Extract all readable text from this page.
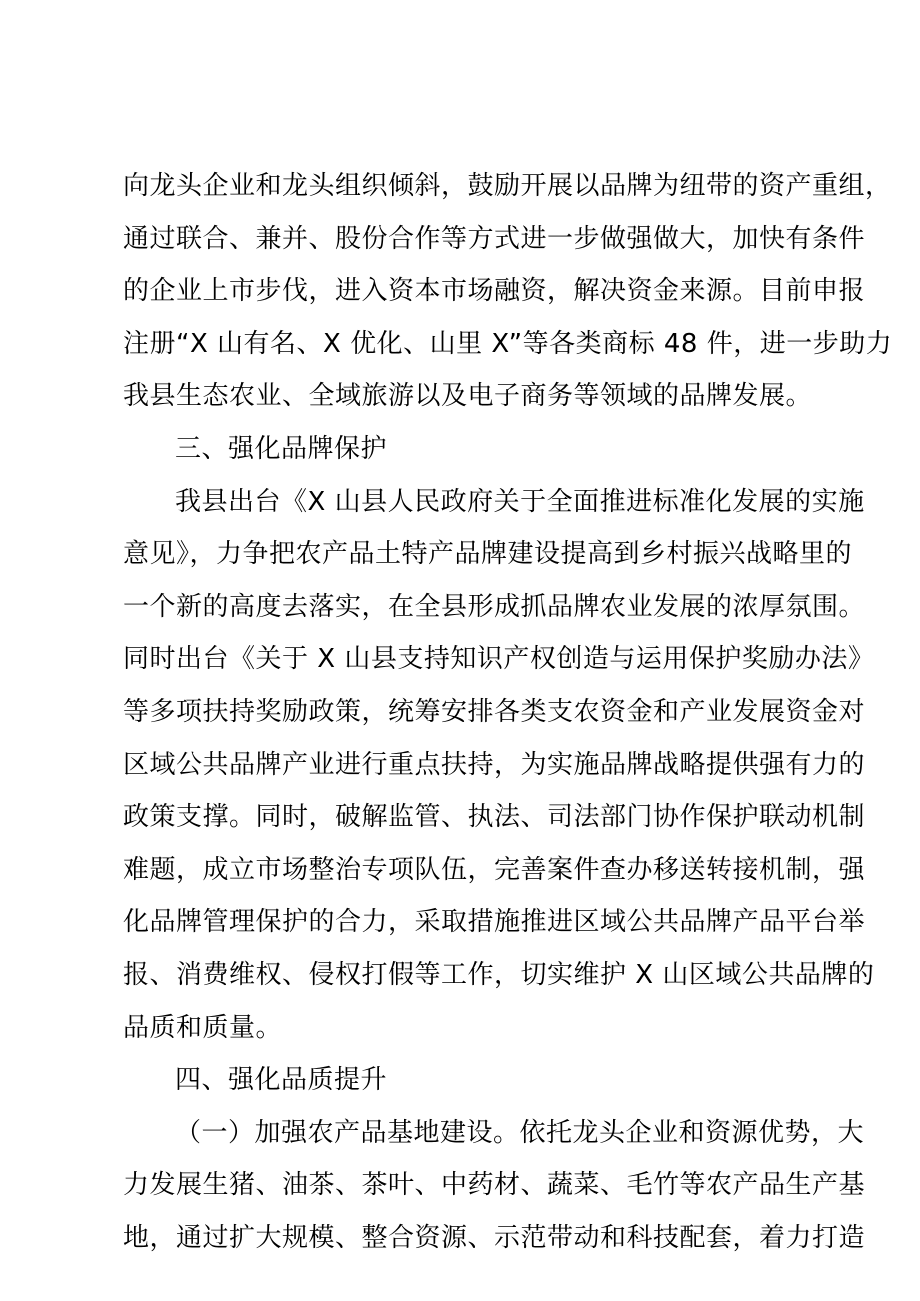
向龙头企业和龙头组织倾斜，鼓励开展以品牌为纽带的资产重组，
通过联合、兼并、股份合作等方式进一步做强做大，加快有条件
的企业上市步伐，进入资本市场融资，解决资金来源。目前申报
注册“X 山有名、X 优化、山里 X”等各类商标 48 件，进一步助力
我县生态农业、全域旅游以及电子商务等领域的品牌发展。
三、强化品牌保护
我县出台《X 山县人民政府关于全面推进标准化发展的实施
意见》，力争把农产品土特产品牌建设提高到乡村振兴战略里的
一个新的高度去落实，在全县形成抓品牌农业发展的浓厚氛围。
同时出台《关于 X 山县支持知识产权创造与运用保护奖励办法》
等多项扶持奖励政策，统筹安排各类支农资金和产业发展资金对
区域公共品牌产业进行重点扶持，为实施品牌战略提供强有力的
政策支撑。同时，破解监管、执法、司法部门协作保护联动机制
难题，成立市场整治专项队伍，完善案件查办移送转接机制，强
化品牌管理保护的合力，采取措施推进区域公共品牌产品平台举
报、消费维权、侵权打假等工作，切实维护 X 山区域公共品牌的
品质和质量。
四、强化品质提升
（一）加强农产品基地建设。依托龙头企业和资源优势，大
力发展生猪、油茶、茶叶、中药材、蔬菜、毛竹等农产品生产基
地，通过扩大规模、整合资源、示范带动和科技配套，着力打造
